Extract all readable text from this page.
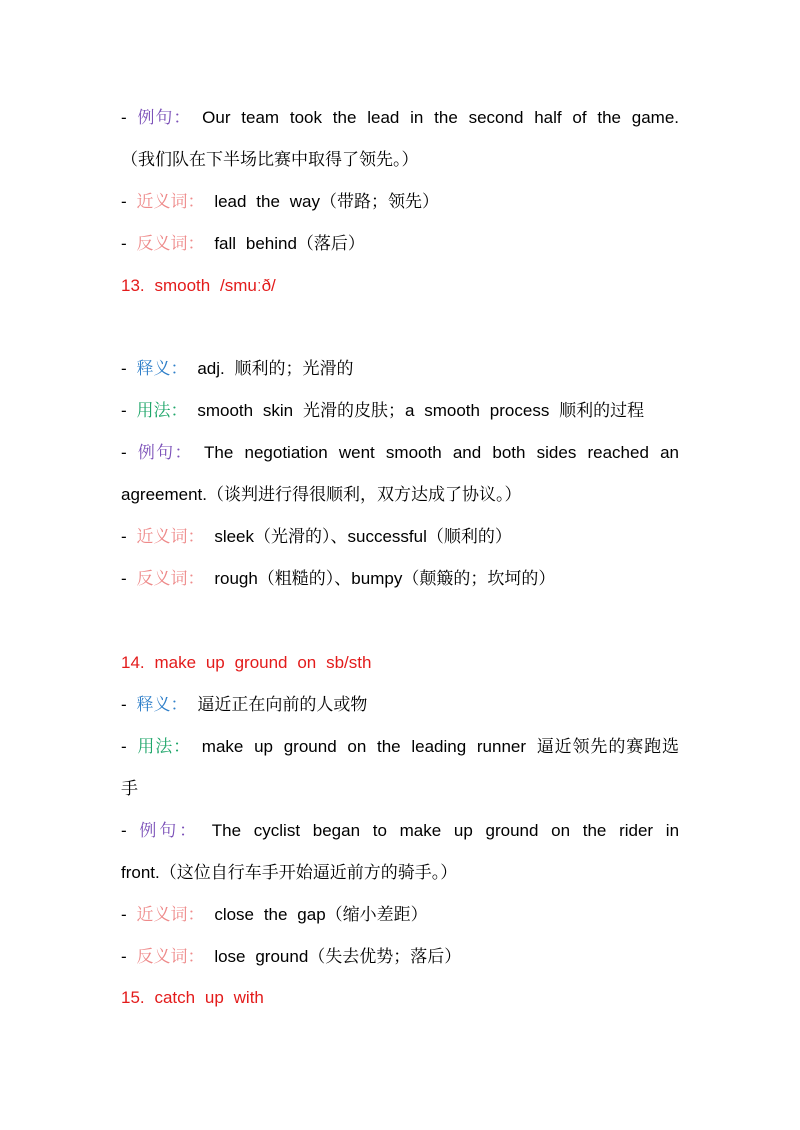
- 例句： Our team took the lead in the second half of the game.
（我们队在下半场比赛中取得了领先。）
- 近义词： lead the way（带路；领先）
- 反义词： fall behind（落后）
13. smooth /smuːð/
- 释义： adj. 顺利的；光滑的
- 用法： smooth skin 光滑的皮肤；a smooth process 顺利的过程
- 例句： The negotiation went smooth and both sides reached an
agreement.（谈判进行得很顺利，双方达成了协议。）
- 近义词： sleek（光滑的）、successful（顺利的）
- 反义词： rough（粗糙的）、bumpy（颠簸的；坎坷的）
14. make up ground on sb/sth
- 释义： 逼近正在向前的人或物
- 用法： make up ground on the leading runner 逼近领先的赛跑选
手
- 例句： The cyclist began to make up ground on the rider in
front.（这位自行车手开始逼近前方的骑手。）
- 近义词： close the gap（缩小差距）
- 反义词： lose ground（失去优势；落后）
15. catch up with
